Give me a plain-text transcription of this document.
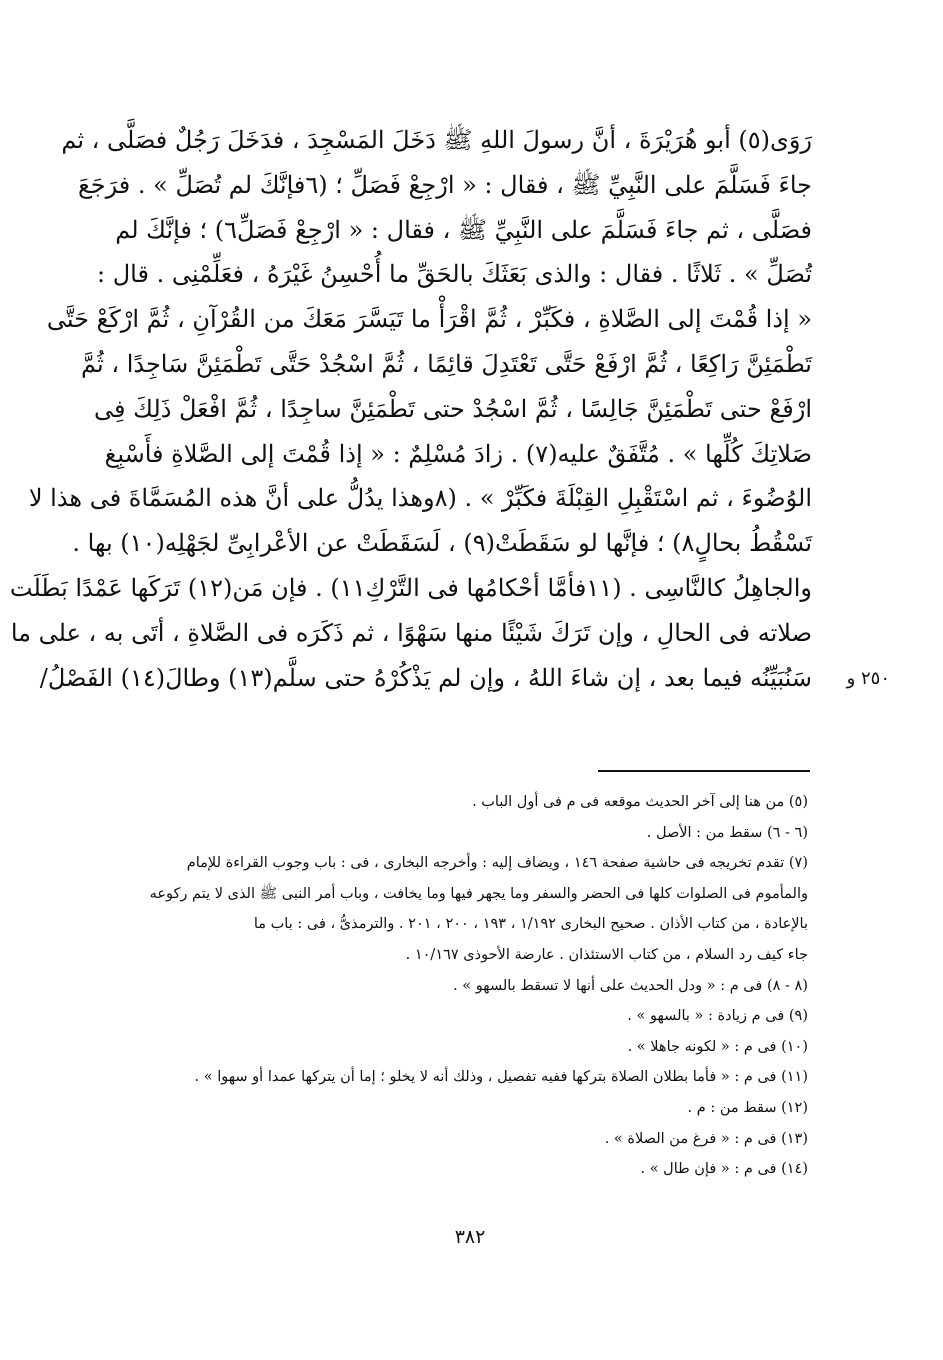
رَوَى(٥) أبو هُرَيْرَةَ ، أنَّ رسولَ اللهِ ﷺ دَخَلَ المَسْجِدَ ، فدَخَلَ رَجُلٌ فصَلَّى ، ثم
جاءَ فَسَلَّمَ على النَّبِيِّ ﷺ ، فقال : « ارْجِعْ فَصَلِّ ؛ (٦فإنَّكَ لم تُصَلِّ » . فرَجَعَ
فصَلَّى ، ثم جاءَ فَسَلَّمَ على النَّبِيِّ ﷺ ، فقال : « ارْجِعْ فَصَلِّ٦) ؛ فإنَّكَ لم
تُصَلِّ » . ثَلاثًا . فقال : والذى بَعَثَكَ بالحَقِّ ما أُحْسِنُ غَيْرَهُ ، فعَلِّمْنِى . قال :
« إذا قُمْتَ إلى الصَّلاةِ ، فكَبِّرْ ، ثُمَّ اقْرَأْ ما تَيَسَّرَ مَعَكَ من القُرْآنِ ، ثُمَّ ارْكَعْ حَتَّى
تَطْمَئِنَّ رَاكِعًا ، ثُمَّ ارْفَعْ حَتَّى تَعْتَدِلَ قائِمًا ، ثُمَّ اسْجُدْ حَتَّى تَطْمَئِنَّ سَاجِدًا ، ثُمَّ
ارْفَعْ حتى تَطْمَئِنَّ جَالِسًا ، ثُمَّ اسْجُدْ حتى تَطْمَئِنَّ ساجِدًا ، ثُمَّ افْعَلْ ذَلِكَ فِى
صَلاتِكَ كُلِّها » . مُتَّفَقٌ عليه(٧) . زادَ مُسْلِمٌ : « إذا قُمْتَ إلى الصَّلاةِ فأَسْبِغ
الوُضُوءَ ، ثم اسْتَقْبِلِ القِبْلَةَ فكَبِّرْ » . (٨وهذا يدُلُّ على أنَّ هذه المُسَمَّاةَ فى هذا لا
تَسْقُطُ بحالٍ٨) ؛ فإنَّها لو سَقَطَتْ(٩) ، لَسَقَطَتْ عن الأعْرابِىِّ لجَهْلِه(١٠) بها .
والجاهِلُ كالنَّاسِى . (١١فأمَّا أحْكامُها فى التَّرْكِ١١) . فإن مَن(١٢) تَرَكَها عَمْدًا بَطَلَت
صلاته فى الحالِ ، وإن تَرَكَ شَيْئًا منها سَهْوًا ، ثم ذَكَرَه فى الصَّلاةِ ، أتَى به ، على ما
سَنُبَيِّنُه فيما بعد ، إن شاءَ اللهُ ، وإن لم يَذْكُرْهُ حتى سلَّم(١٣) وطالَ(١٤) الفَصْلُ/	٢٥٠ و
(٥) من هنا إلى آخر الحديث موقعه فى م فى أول الباب .
(٦ - ٦) سقط من : الأصل .
(٧) تقدم تخريجه فى حاشية صفحة ١٤٦ ، ويضاف إليه : وأخرجه البخارى ، فى : باب وجوب القراءة للإمام
والمأموم فى الصلوات كلها فى الحضر والسفر وما يجهر فيها وما يخافت ، وباب أمر النبى ﷺ الذى لا يتم ركوعه
بالإعادة ، من كتاب الأذان . صحيح البخارى ١/١٩٢ ، ١٩٣ ، ٢٠٠ ، ٢٠١ . والترمذىُّ ، فى : باب ما
جاء كيف رد السلام ، من كتاب الاستئذان . عارضة الأحوذى ١٠/١٦٧ .
(٨ - ٨) فى م : « ودل الحديث على أنها لا تسقط بالسهو » .
(٩) فى م زيادة : « بالسهو » .
(١٠) فى م : « لكونه جاهلا » .
(١١) فى م : « فأما بطلان الصلاة بتركها ففيه تفصيل ، وذلك أنه لا يخلو ؛ إما أن يتركها عمدا أو سهوا » .
(١٢) سقط من : م .
(١٣) فى م : « فرغ من الصلاة » .
(١٤) فى م : « فإن طال » .
٣٨٢
